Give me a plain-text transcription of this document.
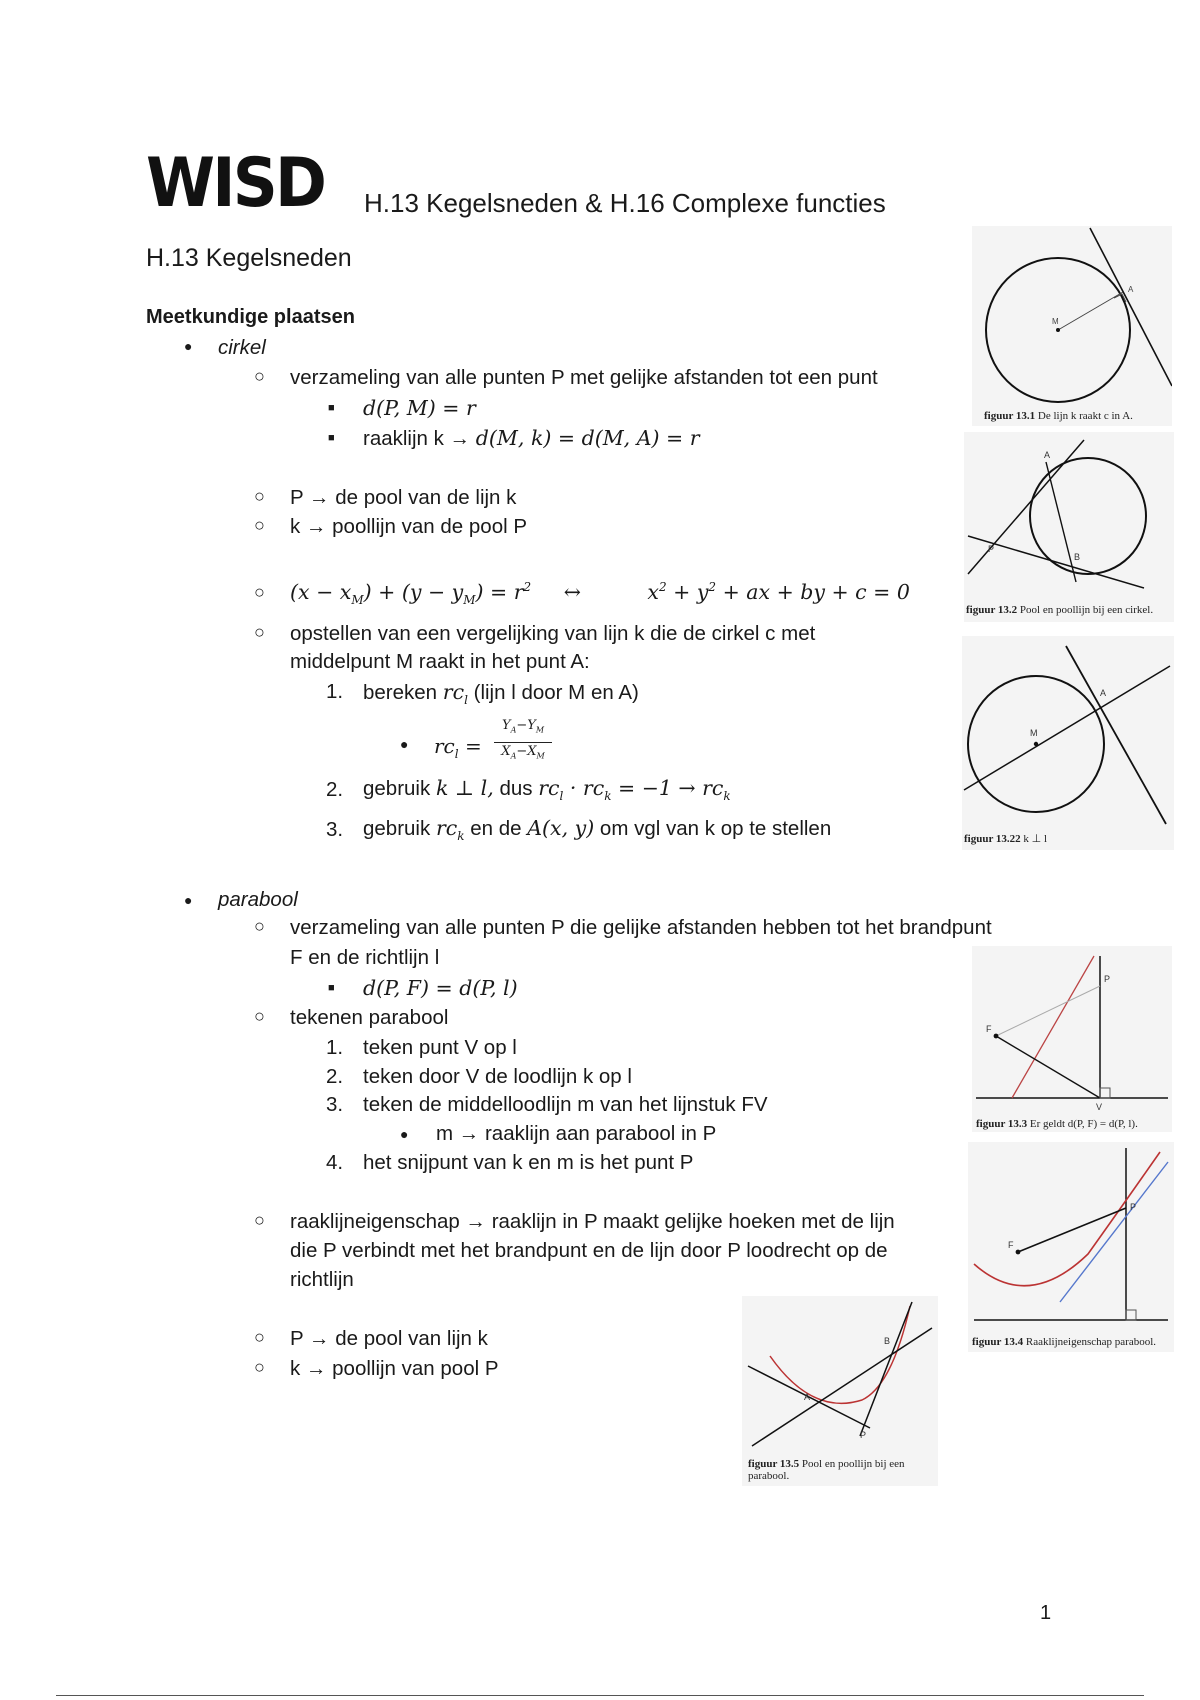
WISD H.13 Kegelsneden & H.16 Complexe functies
H.13 Kegelsneden
Meetkundige plaatsen
● cirkel
○ verzameling van alle punten P met gelijke afstanden tot een punt
■ d(P, M) = r
■ raaklijn k → d(M, k) = d(M, A) = r
○ P → de pool van de lijn k
○ k → poollijn van de pool P
○ $(x - x_M) + (y - y_M) = r^2$ ↔	$x^2 + y^2$ + ax + by + c = 0
○ opstellen van een vergelijking van lijn k die de cirkel c met
middelpunt M raakt in het punt A:
1. bereken $rc_l$ (lijn l door M en A)
● $rc_l$ =
$Y_A-Y_M$
$X_A-X_M$
2. gebruik k ⊥ l, dus $rc_l \cdot rc_k = -1 \to rc_k$
3. gebruik $rc_k$ en de A(x, y) om vgl van k op te stellen
● parabool
○ verzameling van alle punten P die gelijke afstanden hebben tot het brandpunt
F en de richtlijn l
■ d(P, F) = d(P, l)
○ tekenen parabool
1. teken punt V op l
2. teken door V de loodlijn k op l
3. teken de middelloodlijn m van het lijnstuk FV
● m → raaklijn aan parabool in P
4. het snijpunt van k en m is het punt P
○ raaklijneigenschap → raaklijn in P maakt gelijke hoeken met de lijn
die P verbindt met het brandpunt en de lijn door P loodrecht op de
richtlijn
○ P → de pool van lijn k
○ k → poollijn van pool P
M
A
figuur 13.1 De lijn k raakt c in A.
P
A
B
figuur 13.2 Pool en poollijn bij een cirkel.
M
A
figuur 13.22 k ⊥ l
F
P
V
figuur 13.3 Er geldt d(P, F) = d(P, l).
F
P
figuur 13.4 Raaklijneigenschap parabool.
A
B
P
figuur 13.5 Pool en poollijn bij een
parabool.
1
